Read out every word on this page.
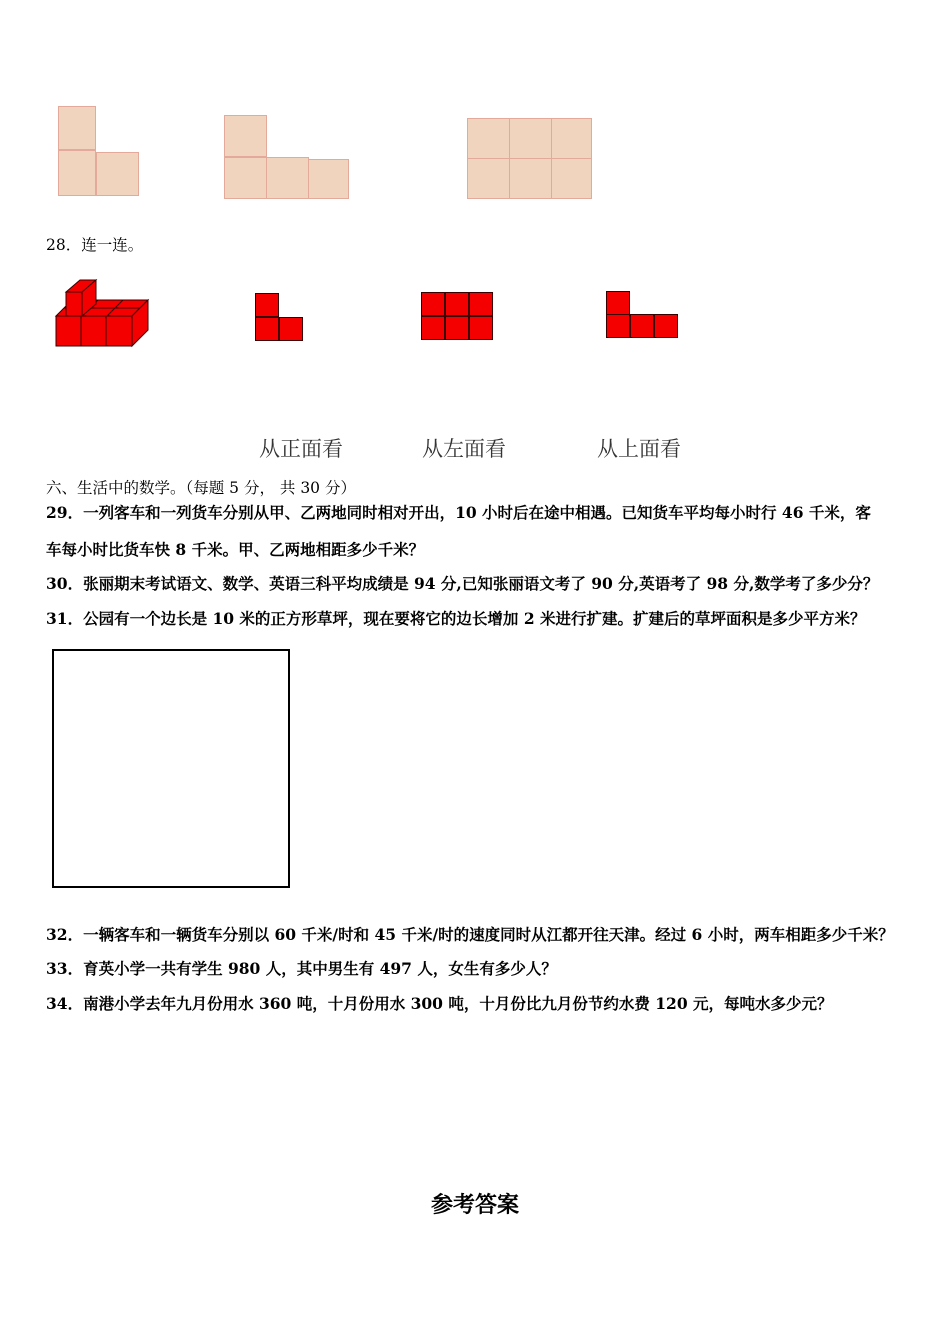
28．连一连。
从正面看	从左面看	从上面看
六、生活中的数学。（每题 5 分， 共 30 分）
29．一列客车和一列货车分别从甲、乙两地同时相对开出，10 小时后在途中相遇。已知货车平均每小时行 46 千米，客
车每小时比货车快 8 千米。甲、乙两地相距多少千米？
30．张丽期末考试语文、数学、英语三科平均成绩是 94 分,已知张丽语文考了 90 分,英语考了 98 分,数学考了多少分？
31．公园有一个边长是 10 米的正方形草坪，现在要将它的边长增加 2 米进行扩建。扩建后的草坪面积是多少平方米？
32．一辆客车和一辆货车分别以 60 千米/时和 45 千米/时的速度同时从江都开往天津。经过 6 小时，两车相距多少千米？
33．育英小学一共有学生 980 人，其中男生有 497 人，女生有多少人？
34．南港小学去年九月份用水 360 吨，十月份用水 300 吨，十月份比九月份节约水费 120 元，每吨水多少元？
参考答案
